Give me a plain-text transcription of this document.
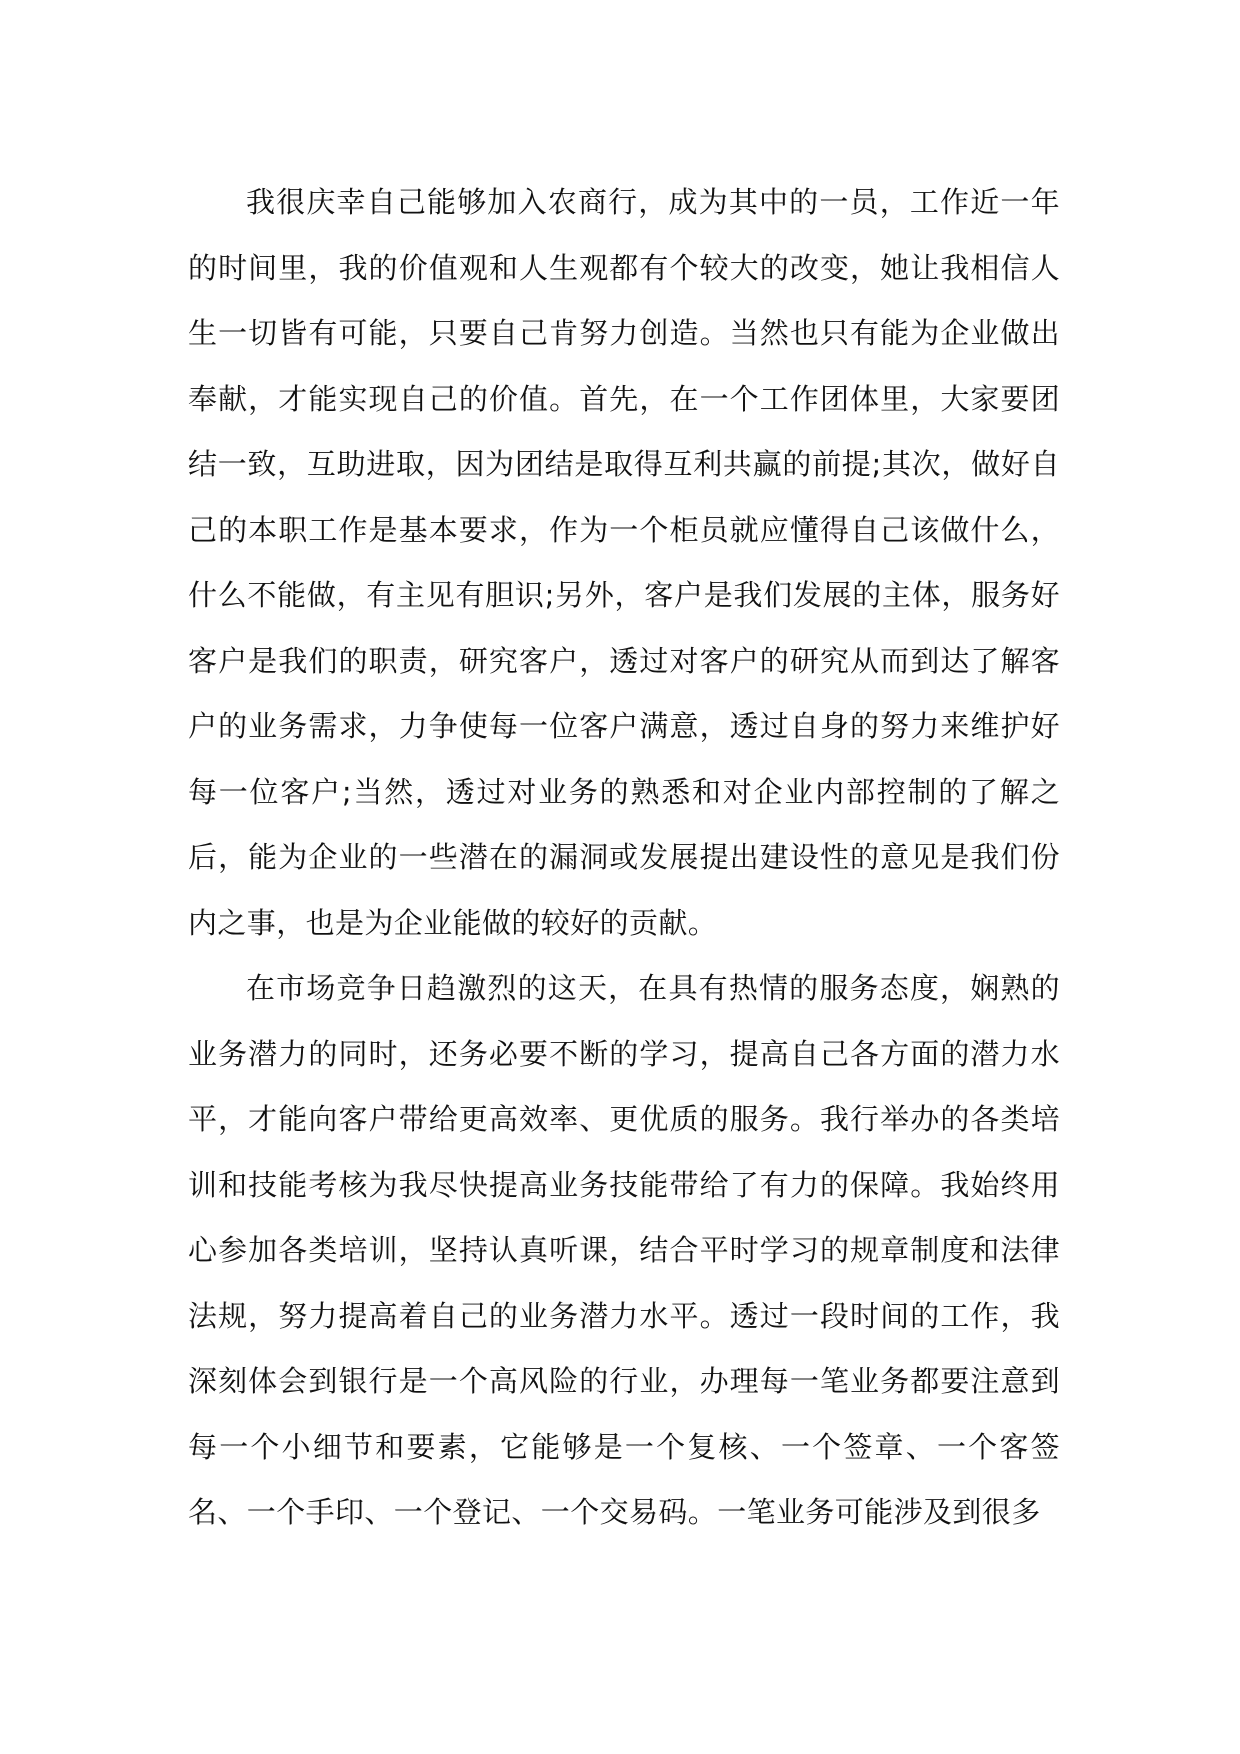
我很庆幸自己能够加入农商行，成为其中的一员，工作近一年的时间里，我的价值观和人生观都有个较大的改变，她让我相信人生一切皆有可能，只要自己肯努力创造。当然也只有能为企业做出奉献，才能实现自己的价值。首先，在一个工作团体里，大家要团结一致，互助进取，因为团结是取得互利共赢的前提;其次，做好自己的本职工作是基本要求，作为一个柜员就应懂得自己该做什么，什么不能做，有主见有胆识;另外，客户是我们发展的主体，服务好客户是我们的职责，研究客户，透过对客户的研究从而到达了解客户的业务需求，力争使每一位客户满意，透过自身的努力来维护好每一位客户;当然，透过对业务的熟悉和对企业内部控制的了解之后，能为企业的一些潜在的漏洞或发展提出建设性的意见是我们份内之事，也是为企业能做的较好的贡献。

在市场竞争日趋激烈的这天，在具有热情的服务态度，娴熟的业务潜力的同时，还务必要不断的学习，提高自己各方面的潜力水平，才能向客户带给更高效率、更优质的服务。我行举办的各类培训和技能考核为我尽快提高业务技能带给了有力的保障。我始终用心参加各类培训，坚持认真听课，结合平时学习的规章制度和法律法规，努力提高着自己的业务潜力水平。透过一段时间的工作，我深刻体会到银行是一个高风险的行业，办理每一笔业务都要注意到每一个小细节和要素，它能够是一个复核、一个签章、一个客签名、一个手印、一个登记、一个交易码。一笔业务可能涉及到很多
